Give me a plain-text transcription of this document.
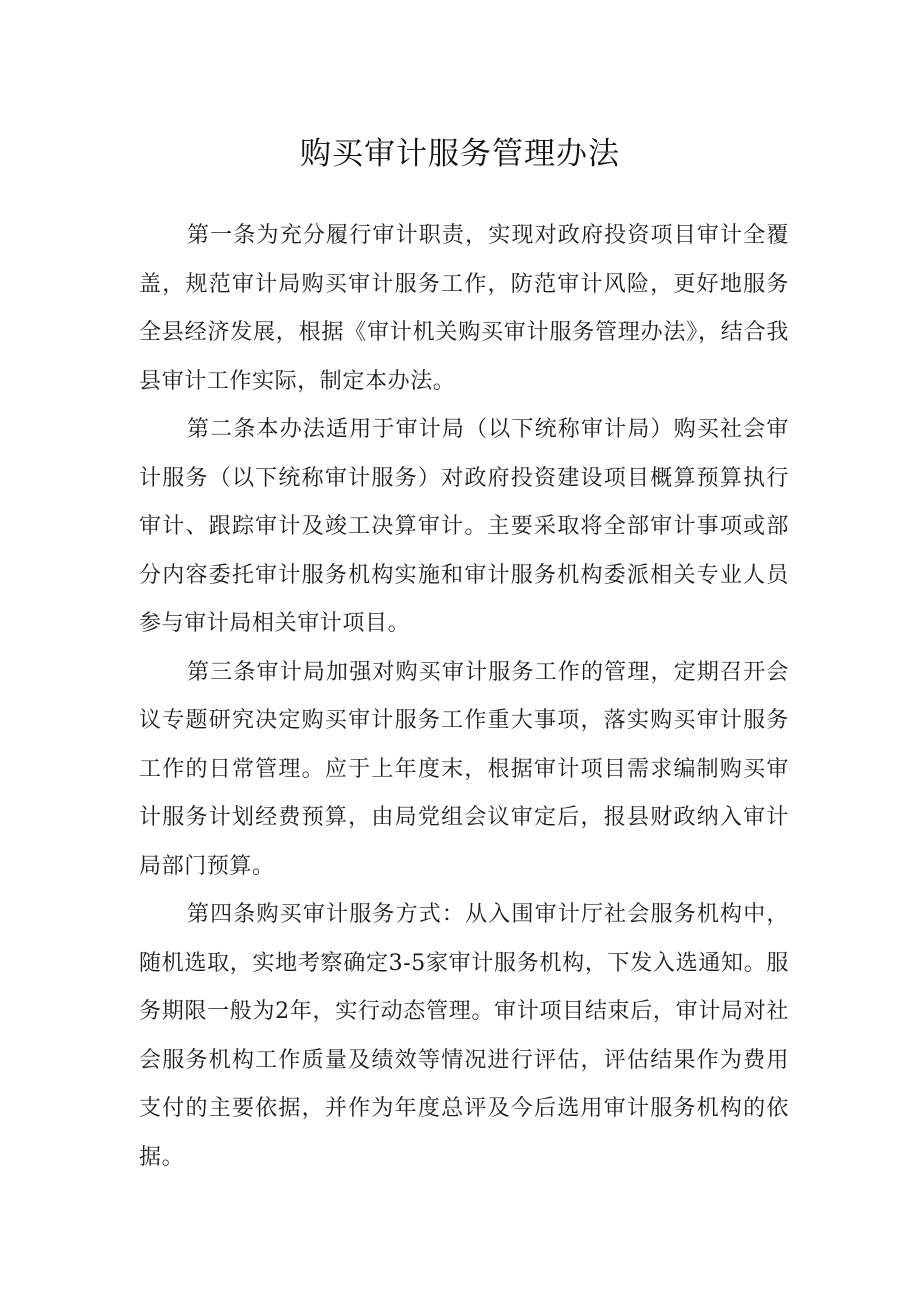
购买审计服务管理办法

第一条为充分履行审计职责，实现对政府投资项目审计全覆盖，规范审计局购买审计服务工作，防范审计风险，更好地服务全县经济发展，根据《审计机关购买审计服务管理办法》，结合我县审计工作实际，制定本办法。

第二条本办法适用于审计局（以下统称审计局）购买社会审计服务（以下统称审计服务）对政府投资建设项目概算预算执行审计、跟踪审计及竣工决算审计。主要采取将全部审计事项或部分内容委托审计服务机构实施和审计服务机构委派相关专业人员参与审计局相关审计项目。

第三条审计局加强对购买审计服务工作的管理，定期召开会议专题研究决定购买审计服务工作重大事项，落实购买审计服务工作的日常管理。应于上年度末，根据审计项目需求编制购买审计服务计划经费预算，由局党组会议审定后，报县财政纳入审计局部门预算。

第四条购买审计服务方式：从入围审计厅社会服务机构中，随机选取，实地考察确定3-5家审计服务机构，下发入选通知。服务期限一般为2年，实行动态管理。审计项目结束后，审计局对社会服务机构工作质量及绩效等情况进行评估，评估结果作为费用支付的主要依据，并作为年度总评及今后选用审计服务机构的依据。
